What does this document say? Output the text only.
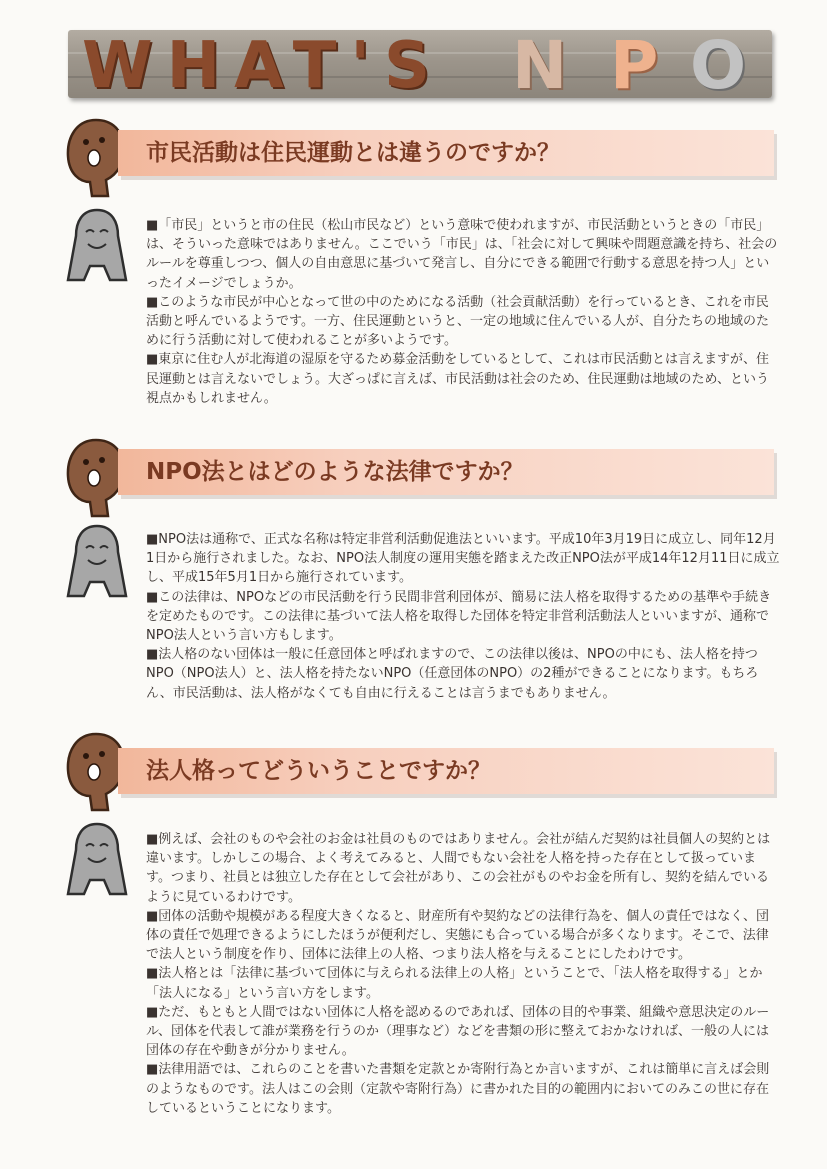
WHAT'S N P O
市民活動は住民運動とは違うのですか？

■ 「市民」というと市の住民（松山市民など）という意味で使われますが、市民活動というときの「市民」は、そういった意味ではありません。ここでいう「市民」は、「社会に対して興味や問題意識を持ち、社会のルールを尊重しつつ、個人の自由意思に基づいて発言し、自分にできる範囲で行動する意思を持つ人」といったイメージでしょうか。

■ このような市民が中心となって世の中のためになる活動（社会貢献活動）を行っているとき、これを市民活動と呼んでいるようです。一方、住民運動というと、一定の地域に住んでいる人が、自分たちの地域のために行う活動に対して使われることが多いようです。

■ 東京に住む人が北海道の湿原を守るため募金活動をしているとして、これは市民活動とは言えますが、住民運動とは言えないでしょう。大ざっぱに言えば、市民活動は社会のため、住民運動は地域のため、という視点かもしれません。

NPO法とはどのような法律ですか？

■ NPO法は通称で、正式な名称は特定非営利活動促進法といいます。平成10年3月19日に成立し、同年12月1日から施行されました。なお、NPO法人制度の運用実態を踏まえた改正NPO法が平成14年12月11日に成立し、平成15年5月1日から施行されています。

■ この法律は、NPOなどの市民活動を行う民間非営利団体が、簡易に法人格を取得するための基準や手続きを定めたものです。この法律に基づいて法人格を取得した団体を特定非営利活動法人といいますが、通称でNPO法人という言い方もします。

■ 法人格のない団体は一般に任意団体と呼ばれますので、この法律以後は、NPOの中にも、法人格を持つNPO（NPO法人）と、法人格を持たないNPO（任意団体のNPO）の2種ができることになります。もちろん、市民活動は、法人格がなくても自由に行えることは言うまでもありません。

法人格ってどういうことですか？

■ 例えば、会社のものや会社のお金は社員のものではありません。会社が結んだ契約は社員個人の契約とは違います。しかしこの場合、よく考えてみると、人間でもない会社を人格を持った存在として扱っています。つまり、社員とは独立した存在として会社があり、この会社がものやお金を所有し、契約を結んでいるように見ているわけです。

■ 団体の活動や規模がある程度大きくなると、財産所有や契約などの法律行為を、個人の責任ではなく、団体の責任で処理できるようにしたほうが便利だし、実態にも合っている場合が多くなります。そこで、法律で法人という制度を作り、団体に法律上の人格、つまり法人格を与えることにしたわけです。

■ 法人格とは「法律に基づいて団体に与えられる法律上の人格」ということで、「法人格を取得する」とか「法人になる」という言い方をします。

■ ただ、もともと人間ではない団体に人格を認めるのであれば、団体の目的や事業、組織や意思決定のルール、団体を代表して誰が業務を行うのか（理事など）などを書類の形に整えておかなければ、一般の人には団体の存在や動きが分かりません。

■ 法律用語では、これらのことを書いた書類を定款とか寄附行為とか言いますが、これは簡単に言えば会則のようなものです。法人はこの会則（定款や寄附行為）に書かれた目的の範囲内においてのみこの世に存在しているということになります。
